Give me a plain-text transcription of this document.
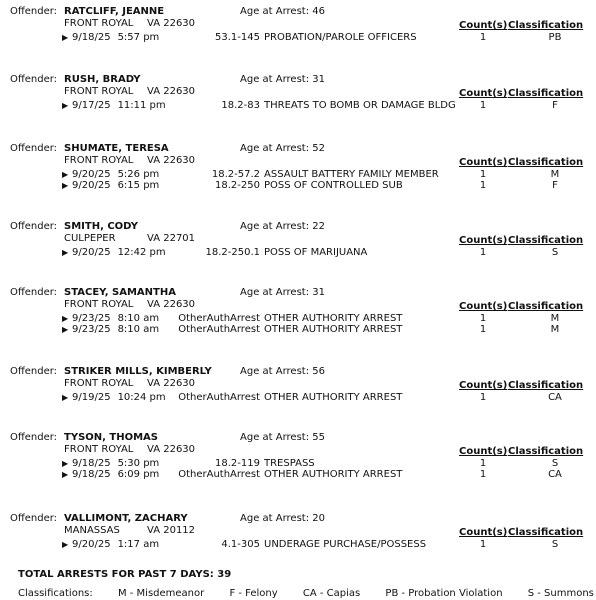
Offender: RATCLIFF, JEANNE	Age at Arrest: 46
FRONT ROYAL VA 22630	Count(s) Classification
▶ 9/18/25 5:57 pm	53.1-145 PROBATION/PAROLE OFFICERS	1	PB
Offender: RUSH, BRADY	Age at Arrest: 31
FRONT ROYAL VA 22630	Count(s) Classification
▶ 9/17/25 11:11 pm	18.2-83 THREATS TO BOMB OR DAMAGE BLDG 1	F
Offender: SHUMATE, TERESA	Age at Arrest: 52
FRONT ROYAL VA 22630	Count(s) Classification
▶ 9/20/25 5:26 pm	18.2-57.2 ASSAULT BATTERY FAMILY MEMBER	1	M
▶ 9/20/25 6:15 pm	18.2-250 POSS OF CONTROLLED SUB	1	F
Offender: SMITH, CODY	Age at Arrest: 22
CULPEPER	VA 22701	Count(s) Classification
▶ 9/20/25 12:42 pm	18.2-250.1 POSS OF MARIJUANA	1	S
Offender: STACEY, SAMANTHA	Age at Arrest: 31
FRONT ROYAL VA 22630	Count(s) Classification
▶ 9/23/25 8:10 am OtherAuthArrest OTHER AUTHORITY ARREST	1	M
▶ 9/23/25 8:10 am OtherAuthArrest OTHER AUTHORITY ARREST	1	M
Offender: STRIKER MILLS, KIMBERLY	Age at Arrest: 56
FRONT ROYAL VA 22630	Count(s) Classification
▶ 9/19/25 10:24 pm OtherAuthArrest OTHER AUTHORITY ARREST	1	CA
Offender: TYSON, THOMAS	Age at Arrest: 55
FRONT ROYAL VA 22630	Count(s) Classification
▶ 9/18/25 5:30 pm	18.2-119 TRESPASS	1	S
▶ 9/18/25 6:09 pm OtherAuthArrest OTHER AUTHORITY ARREST	1	CA
Offender: VALLIMONT, ZACHARY	Age at Arrest: 20
MANASSAS	VA 20112	Count(s) Classification
▶ 9/20/25 1:17 am	4.1-305 UNDERAGE PURCHASE/POSSESS	1	S
TOTAL ARRESTS FOR PAST 7 DAYS: 39
Classifications:	M - Misdemeanor	F - Felony	CA - Capias	PB - Probation Violation	S - Summons
